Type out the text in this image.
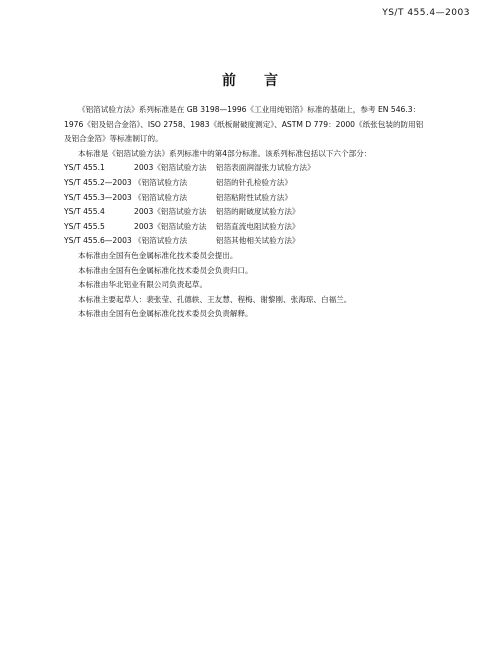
YS/T 455.4—2003
前言

《铝箔试验方法》系列标准是在 GB 3198—1996《工业用纯铝箔》标准的基础上，参考 EN 546.3：

1976《铝及铝合金箔》、ISO 2758、1983《纸板耐破度测定》、ASTM D 779：2000《纸张包装的防用铝

及铝合金箔》等标准制订的。

本标准是《铝箔试验方法》系列标准中的第4部分标准。该系列标准包括以下六个部分：

YS/T 455.1	2003《铝箔试验方法	铝箔表面润湿张力试验方法》
YS/T 455.2—2003 《铝箔试验方法	铝箔的针孔检验方法》
YS/T 455.3—2003 《铝箔试验方法	铝箔粘附性试验方法》
YS/T 455.4	2003《铝箔试验方法	铝箔的耐破度试验方法》
YS/T 455.5	2003《铝箔试验方法	铝箔直流电阻试验方法》
YS/T 455.6—2003 《铝箔试验方法	铝箔其他相关试验方法》

本标准由全国有色金属标准化技术委员会提出。

本标准由全国有色金属标准化技术委员会负责归口。

本标准由华北铝业有限公司负责起草。

本标准主要起草人：裴张莹、孔德轶、王友慧、程梅、谢黎刚、张海琼、白福兰。

本标准由全国有色金属标准化技术委员会负责解释。
